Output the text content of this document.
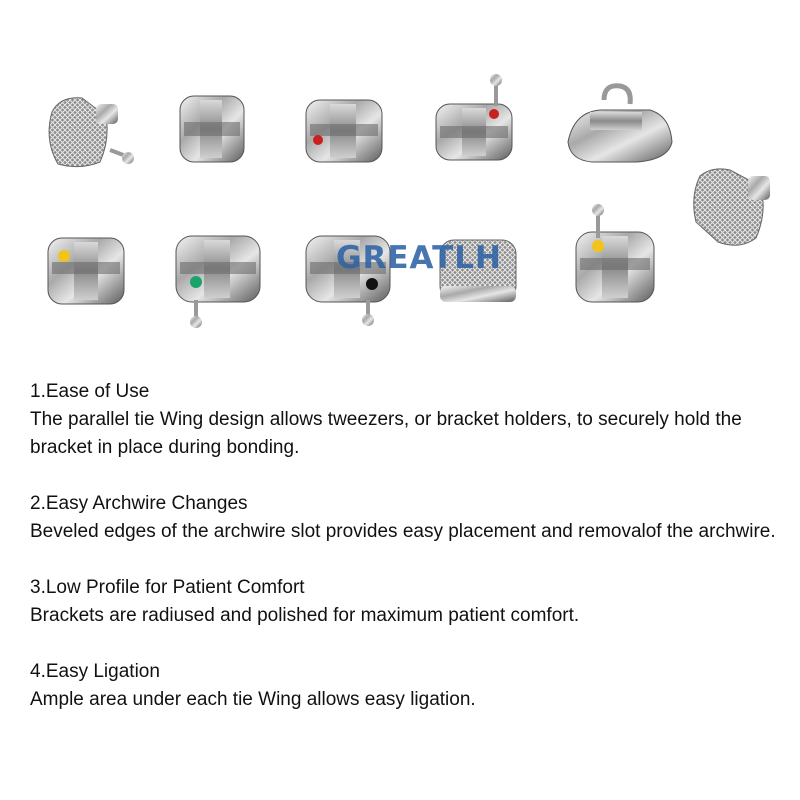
GREATLH
1.Ease of Use
The parallel tie Wing design allows tweezers, or bracket holders, to securely hold the bracket in place during bonding.
2.Easy Archwire Changes
Beveled edges of the archwire slot provides easy placement and removalof the archwire.
3.Low Profile for Patient Comfort
Brackets are radiused and polished for maximum patient comfort.
4.Easy Ligation
Ample area under each tie Wing allows easy ligation.
